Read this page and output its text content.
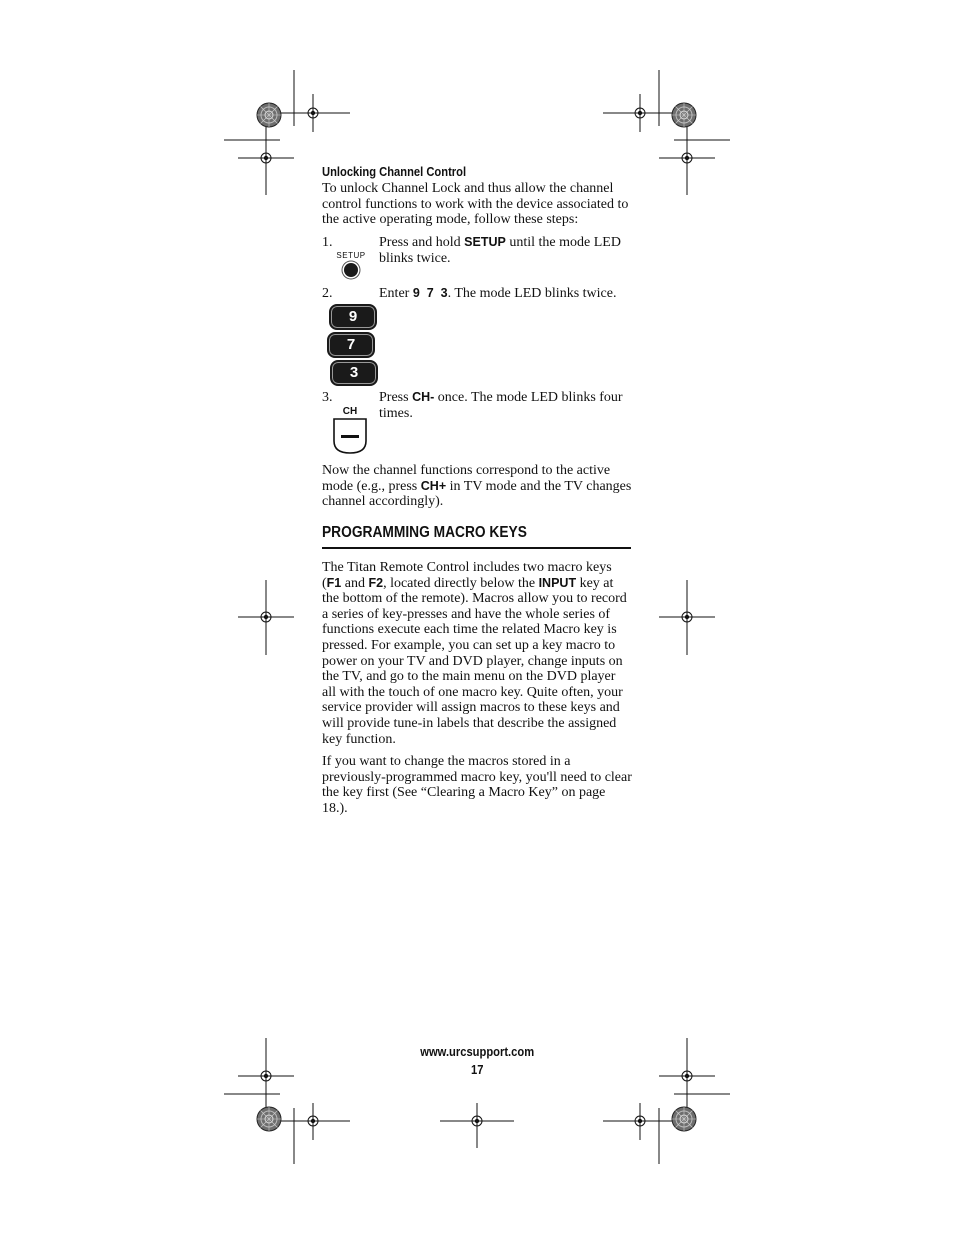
Unlocking Channel Control

To unlock Channel Lock and thus allow the channel control functions to work with the device associated to the active operating mode, follow these steps:

1.
SETUP
Press and hold SETUP until the mode LED blinks twice.
2.
9
7
3
Enter 9  7  3. The mode LED blinks twice.
3.
CH
Press CH- once. The mode LED blinks four times.

Now the channel functions correspond to the active mode (e.g., press CH+ in TV mode and the TV changes channel accordingly).

PROGRAMMING MACRO KEYS

The Titan Remote Control includes two macro keys (F1 and F2, located directly below the INPUT key at the bottom of the remote). Macros allow you to record a series of key-presses and have the whole series of functions execute each time the related Macro key is pressed. For example, you can set up a key macro to power on your TV and DVD player, change inputs on the TV, and go to the main menu on the DVD player all with the touch of one macro key. Quite often, your service provider will assign macros to these keys and will provide tune-in labels that describe the assigned key function.

If you want to change the macros stored in a previously-programmed macro key, you'll need to clear the key first (See “Clearing a Macro Key” on page 18.).

www.urcsupport.com
17
